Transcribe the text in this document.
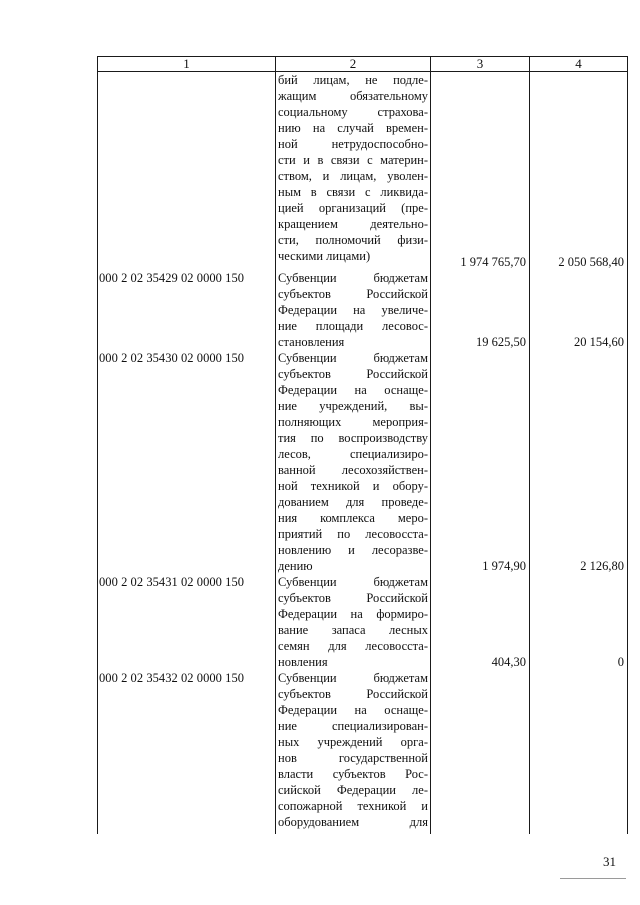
1	2	3	4
бий лицам, не подле-
жащим обязательному
социальному страхова-
нию на случай времен-
ной нетрудоспособно-
сти и в связи с материн-
ством, и лицам, уволен-
ным в связи с ликвида-
цией организаций (пре-
кращением деятельно-
сти, полномочий физи-
ческими лицами)	1 974 765,70	2 050 568,40
000 2 02 35429 02 0000 150	Субвенции бюджетам
субъектов Российской
Федерации на увеличе-
ние площади лесовос-
становления	19 625,50	20 154,60
000 2 02 35430 02 0000 150	Субвенции бюджетам
субъектов Российской
Федерации на оснаще-
ние учреждений, вы-
полняющих мероприя-
тия по воспроизводству
лесов, специализиро-
ванной лесохозяйствен-
ной техникой и обору-
дованием для проведе-
ния комплекса меро-
приятий по лесовосста-
новлению и лесоразве-
дению	1 974,90	2 126,80
000 2 02 35431 02 0000 150	Субвенции бюджетам
субъектов Российской
Федерации на формиро-
вание запаса лесных
семян для лесовосста-
новления	404,30	0
000 2 02 35432 02 0000 150	Субвенции бюджетам
субъектов Российской
Федерации на оснаще-
ние специализирован-
ных учреждений орга-
нов государственной
власти субъектов Рос-
сийской Федерации ле-
сопожарной техникой и
оборудованием для
31
